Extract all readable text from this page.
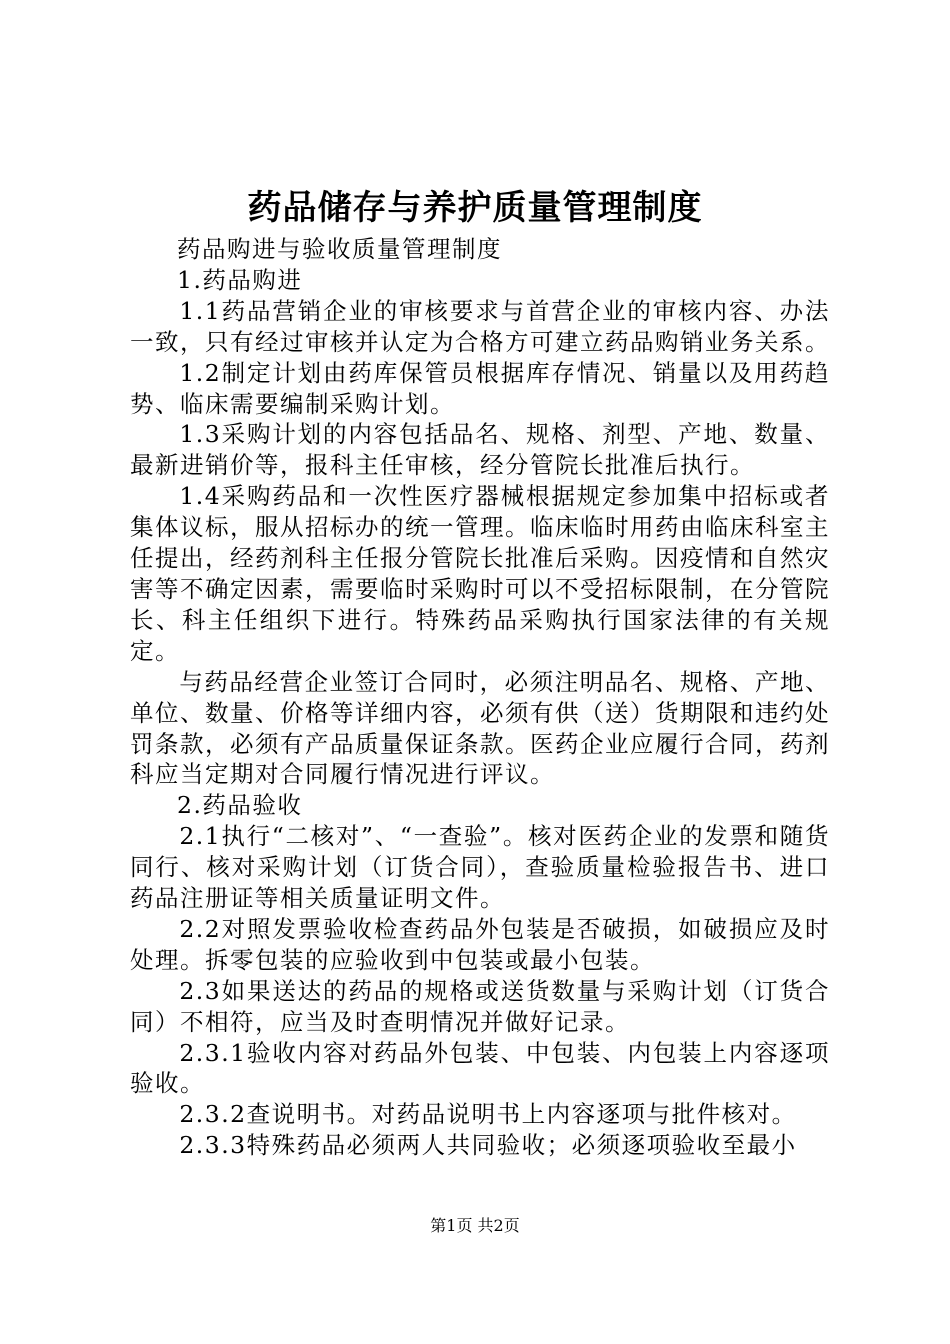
药品储存与养护质量管理制度

药品购进与验收质量管理制度

1.药品购进

1.1药品营销企业的审核要求与首营企业的审核内容、办法一致，只有经过审核并认定为合格方可建立药品购销业务关系。

1.2制定计划由药库保管员根据库存情况、销量以及用药趋势、临床需要编制采购计划。

1.3采购计划的内容包括品名、规格、剂型、产地、数量、最新进销价等，报科主任审核，经分管院长批准后执行。

1.4采购药品和一次性医疗器械根据规定参加集中招标或者集体议标，服从招标办的统一管理。临床临时用药由临床科室主任提出，经药剂科主任报分管院长批准后采购。因疫情和自然灾害等不确定因素，需要临时采购时可以不受招标限制，在分管院长、科主任组织下进行。特殊药品采购执行国家法律的有关规定。

与药品经营企业签订合同时，必须注明品名、规格、产地、单位、数量、价格等详细内容，必须有供（送）货期限和违约处罚条款，必须有产品质量保证条款。医药企业应履行合同，药剂科应当定期对合同履行情况进行评议。

2.药品验收

2.1执行“二核对”、“一查验”。核对医药企业的发票和随货同行、核对采购计划（订货合同），查验质量检验报告书、进口药品注册证等相关质量证明文件。

2.2对照发票验收检查药品外包装是否破损，如破损应及时处理。拆零包装的应验收到中包装或最小包装。

2.3如果送达的药品的规格或送货数量与采购计划（订货合同）不相符，应当及时查明情况并做好记录。

2.3.1验收内容对药品外包装、中包装、内包装上内容逐项验收。

2.3.2查说明书。对药品说明书上内容逐项与批件核对。

2.3.3特殊药品必须两人共同验收；必须逐项验收至最小

第1页 共2页
